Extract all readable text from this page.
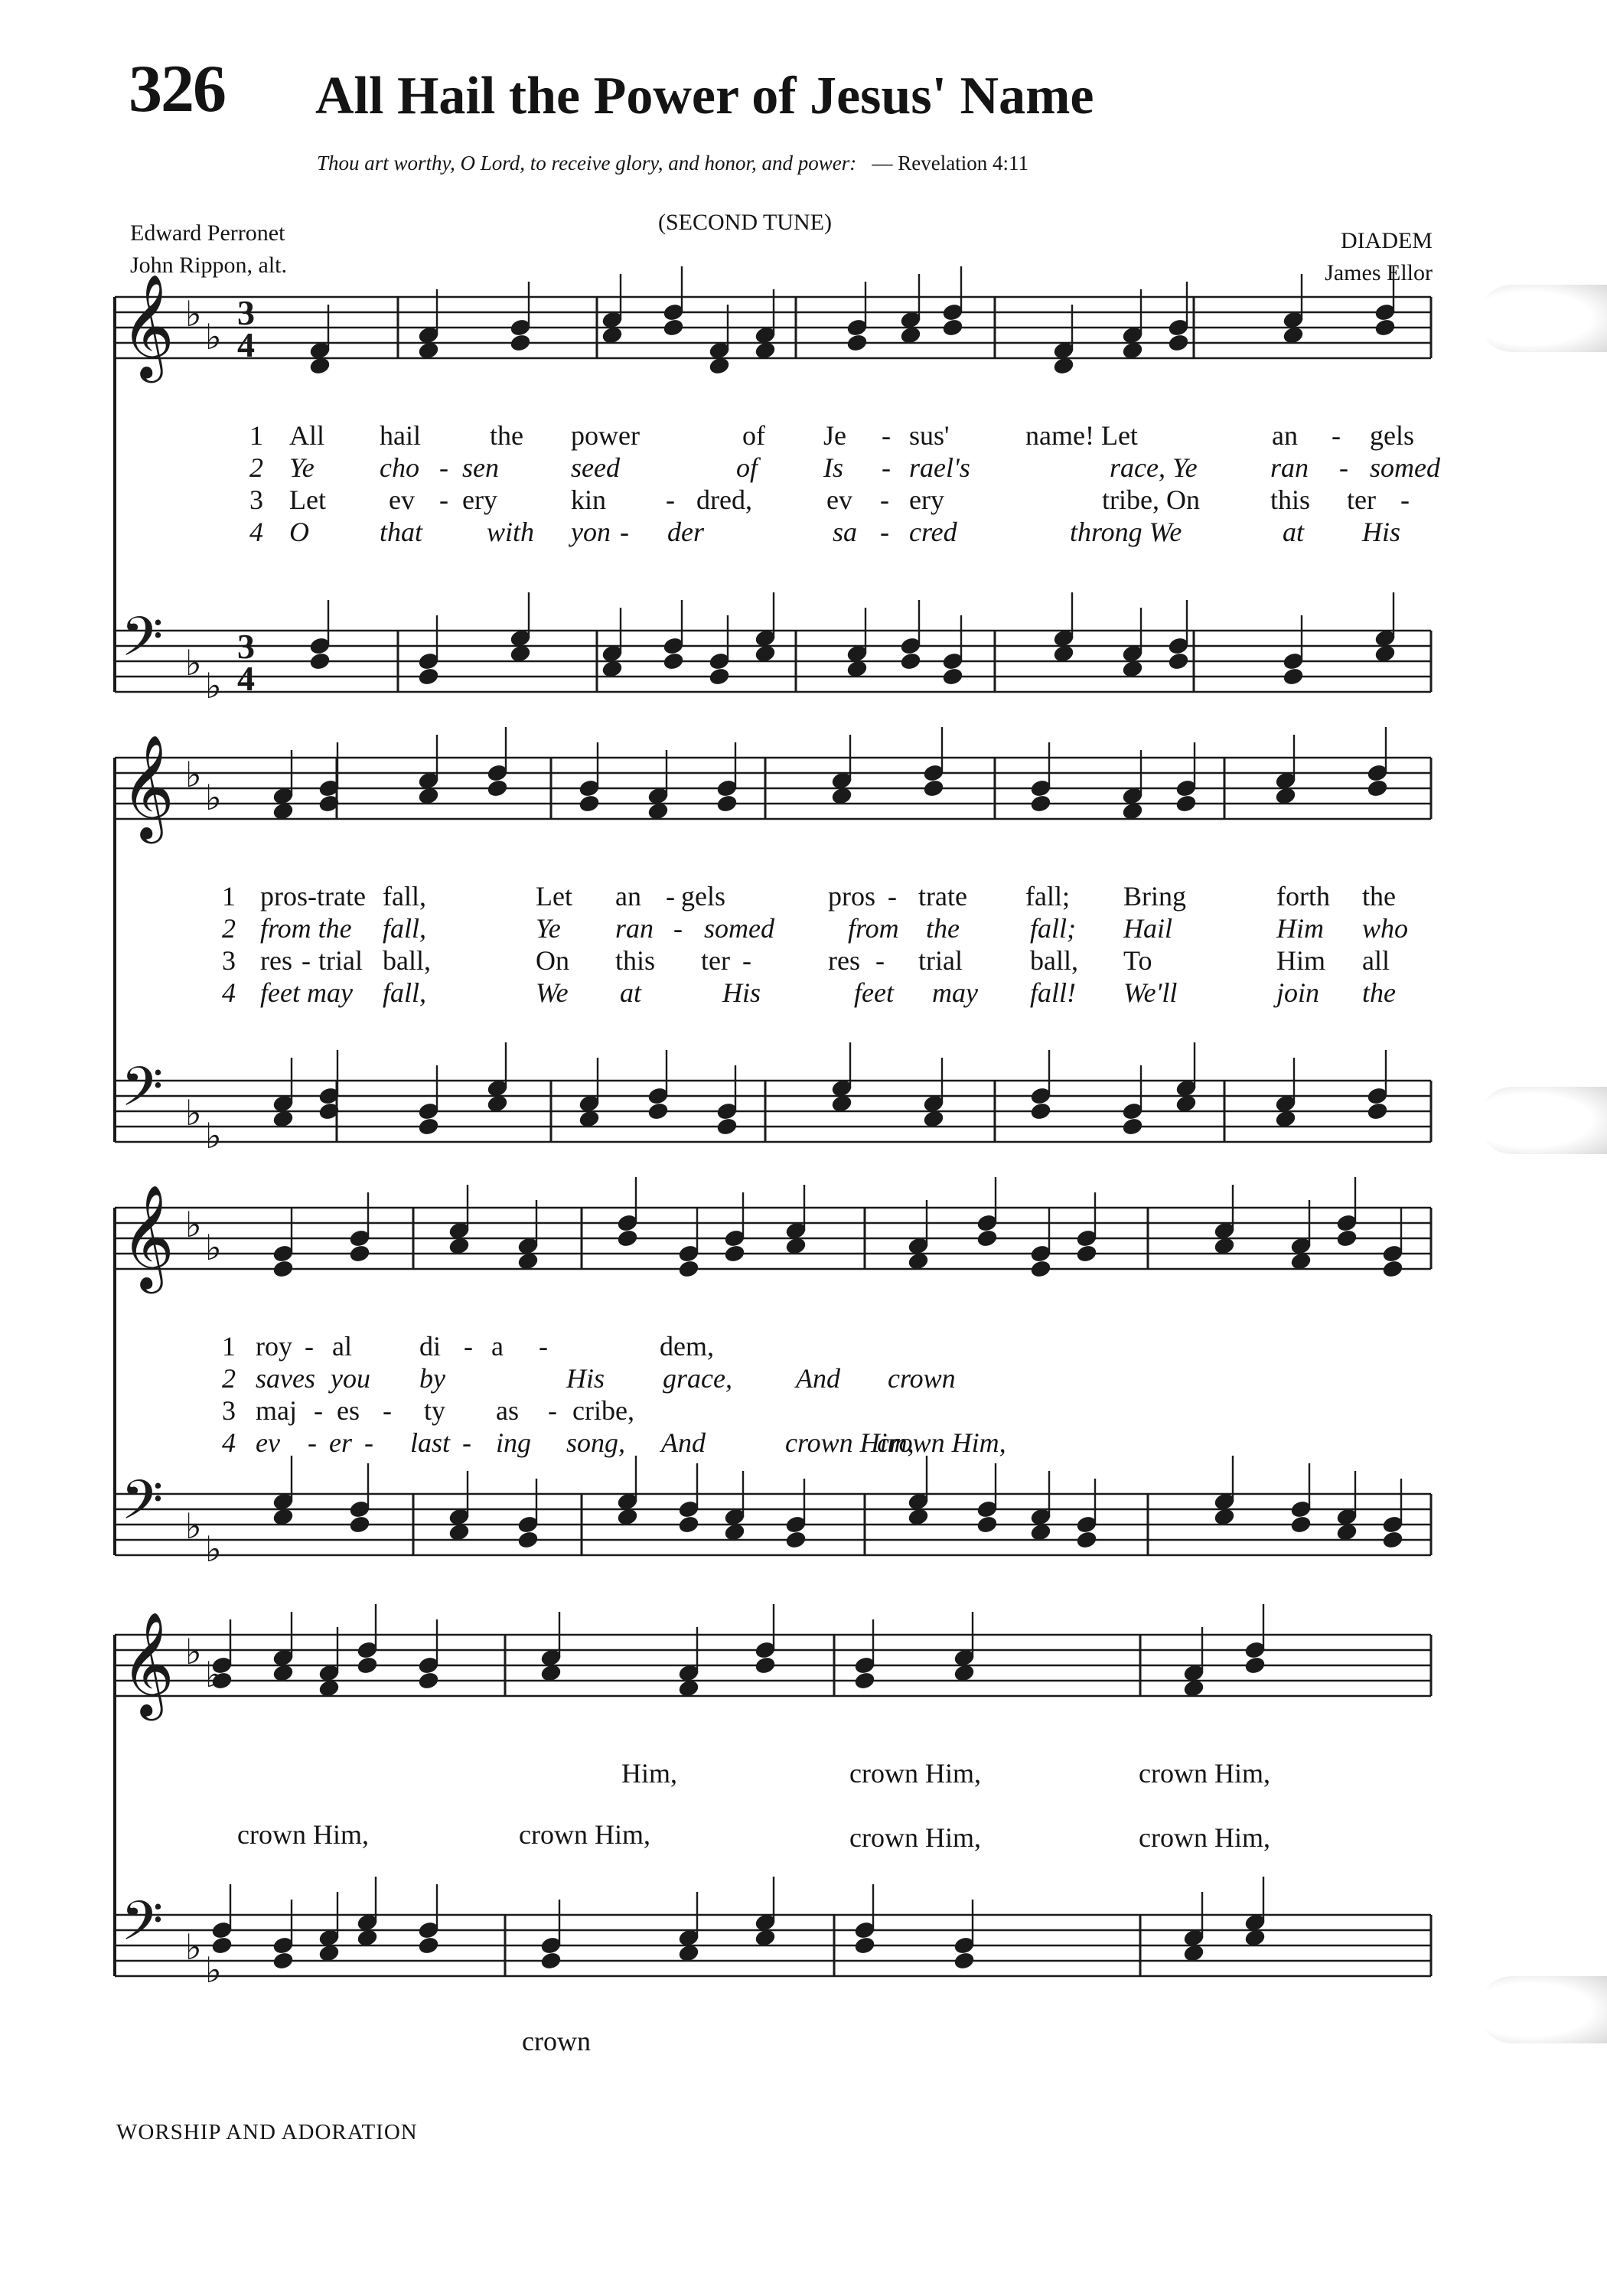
326 All Hail the Power of Jesus' Name
Thou art worthy, O Lord, to receive glory, and honor, and power: — Revelation 4:11
Edward Perronet
John Rippon, alt.
(SECOND TUNE)
DIADEM
James Ellor
𝄞 ♭
♭
3
4
𝄢 ♭
♭
3
4
𝄞 ♭
♭
𝄢 ♭
♭
𝄞 ♭
♭
𝄢 ♭
♭
𝄞 ♭
♭
𝄢 ♭
♭
1 All hail	the power	of Je - sus'	name! Let	an - gels
2 Ye cho - sen	seed	of Is - rael's	race, Ye	ran - somed
3 Let ev - ery	kin - dred,	ev - ery	tribe, On	this ter -
4 O	that with yon - der	sa - cred	throng We	at His
1 pros-trate fall,	Let an - gels	pros - trate fall; Bring	forth the
2 from the fall,	Ye ran - somed	from the	fall; Hail	Him who
3 res - trial ball,	On this ter -	res - trial ball, To	Him all
4 feet may fall,	We at	His	feet may fall! We'll	join the
1 roy - al di - a -	dem,
2 saves you by	His grace, And crown
3 maj - es - ty as - cribe,
4 ev - er - last - ing song, And	crown Him,
crown Him,
Him,	crown Him,	crown Him,
crown Him,	crown Him,	crown Him,	crown Him,
crown
WORSHIP AND ADORATION
